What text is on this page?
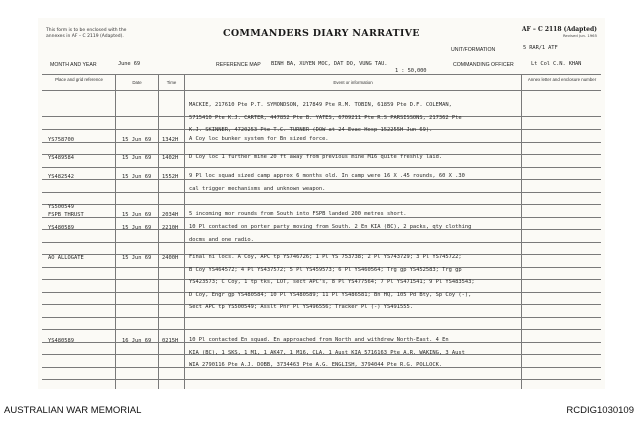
This form is to be enclosed with the
annexes in AF – C 2119 (Adapted).	COMMANDERS DIARY NARRATIVE	AF – C 2118 (Adapted)
Revised Jun. 1965
UNIT/FORMATION	5 RAR/1 ATF
MONTH AND YEAR	June 69	REFERENCE MAP BINH BA, XUYEN MOC, DAT DO, VUNG TAU.
1 : 50,000
COMMANDING OFFICER	Lt Col C.N. KHAN
Place and grid reference
Date	Time	Event or information
Annex letter and enclosure number
MACKIE, 217610 Pte P.T. SYMONDSON, 217849 Pte R.M. TOBIN, 61859 Pte D.F. COLEMAN,
5715410 Pte K.J. CARTER, 447852 Pte B. YATES, 6709211 Pte R.S PARSISSONS, 217362 Pte
K.J. SKINNER, 4720253 Pte T.C. TURNER (DOW at 24 Evac Hosp 152255H Jun 69).
YS758700	15 Jun 69 1342H A Coy loc bunker system for Bn sized force.
YS489584	15 Jun 69 1402H D Coy loc 1 further mine 20 ft away from previous mine M16 quite freshly laid.
YS482542	15 Jun 69 1552H 9 Pl loc squad sized camp approx 6 months old. In camp were 16 X .45 rounds, 60 X .30
cal trigger mechanisms and unknown weapon.
YS500549
FSPB THRUST	15 Jun 69 2034H 5 incoming mor rounds from South into FSPB landed 200 metres short.
YS480589	15 Jun 69 2210H 10 Pl contacted on porter party moving from South. 2 En KIA (BC), 2 packs, qty clothing
docms and one radio.
AO ALLOGATE	15 Jun 69 2400H Final ni locs. A Coy, APC tp YS746726; 1 Pl YS 753738; 2 Pl YS743729; 3 Pl YS745722;
B Coy YS464572; 4 Pl YS437572; 5 Pl YS459573; 6 Pl YS460564; Trg gp YS452583; Trg gp
YS423573; C Coy, 1 tp tks, LOT, sect APC's, 8 Pl YS477564; 7 Pl YS471541; 9 Pl YS483543;
D Coy, Engr gp YS480584; 10 Pl YS480589; 11 Pl YS486581; Bn HQ, 105 Pd Bty, Sp Coy (-),
Sect APC tp YS500549; Asslt Pnr Pl YS496556; Tracker Pl (-) YS491555.
YS480589	16 Jun 69 0215H 10 Pl contacted En squad. En approached from North and withdrew North-East. 4 En
KIA (BC), 1 SKS, 1 M1, 1 AK47, 1 M16, CLA. 1 Aust KIA 5716163 Pte A.R. WAKING, 3 Aust
WIA 2790116 Pte A.J. DOBB, 3734463 Pte A.G. ENGLISH, 3794044 Pte R.G. POLLOCK.
AUSTRALIAN WAR MEMORIAL	RCDIG1030109
